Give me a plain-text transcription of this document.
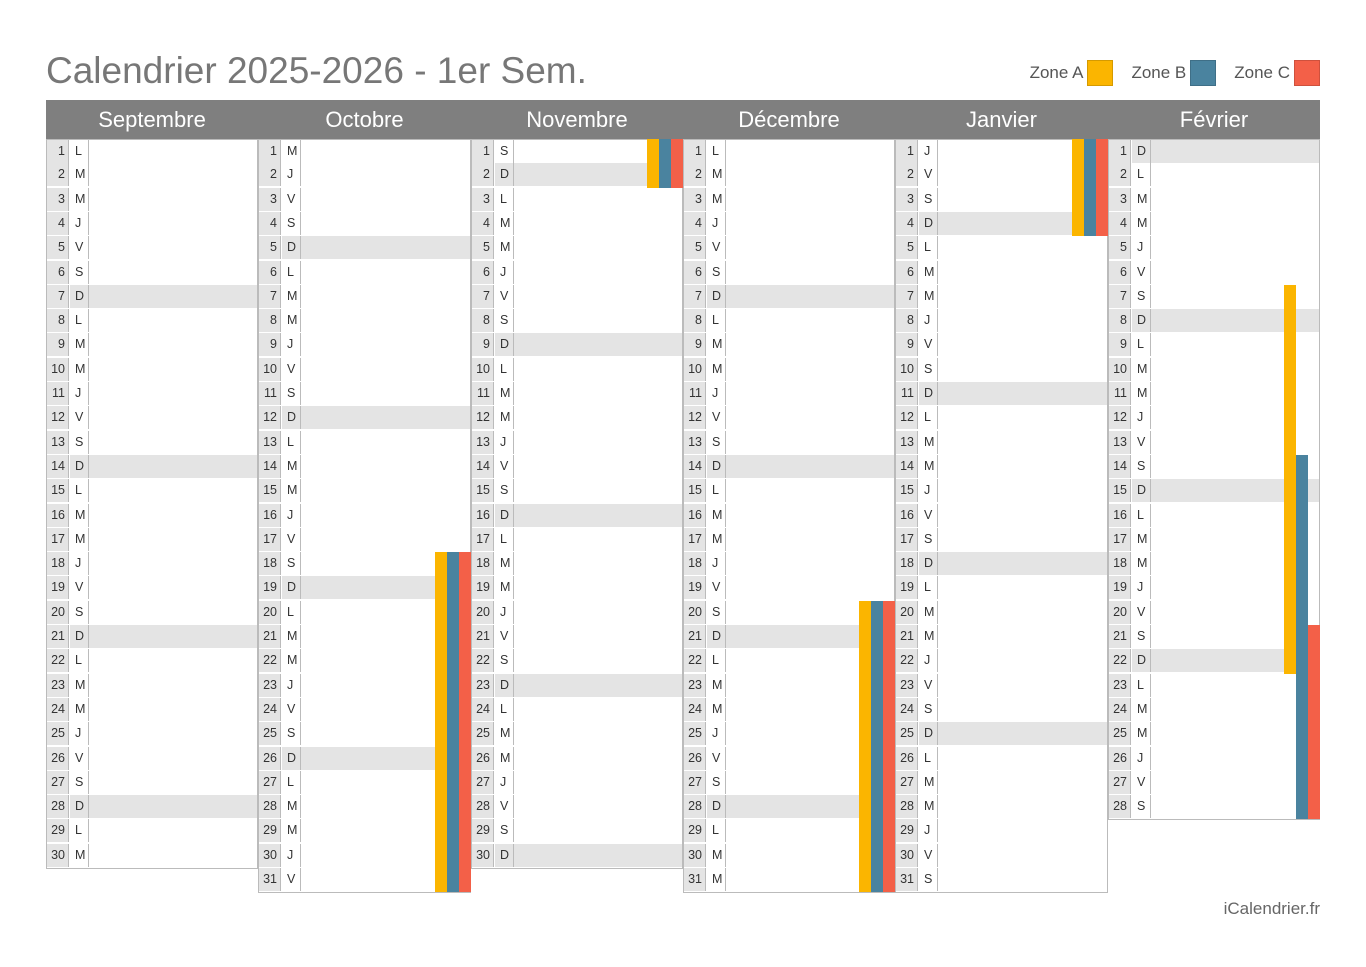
Calendrier 2025-2026 - 1er Sem.	Zone A	Zone B	Zone C
Septembre
1 L
2 M
3 M
4 J
5 V
6 S
7 D
8 L
9 M
10 M
11 J
12 V
13 S
14 D
15 L
16 M
17 M
18 J
19 V
20 S
21 D
22 L
23 M
24 M
25 J
26 V
27 S
28 D
29 L
30 M
Octobre
1 M
2 J
3 V
4 S
5 D
6 L
7 M
8 M
9 J
10 V
11 S
12 D
13 L
14 M
15 M
16 J
17 V
18 S
19 D
20 L
21 M
22 M
23 J
24 V
25 S
26 D
27 L
28 M
29 M
30 J
31 V
Novembre
1 S
2 D
3 L
4 M
5 M
6 J
7 V
8 S
9 D
10 L
11 M
12 M
13 J
14 V
15 S
16 D
17 L
18 M
19 M
20 J
21 V
22 S
23 D
24 L
25 M
26 M
27 J
28 V
29 S
30 D
Décembre
1 L
2 M
3 M
4 J
5 V
6 S
7 D
8 L
9 M
10 M
11 J
12 V
13 S
14 D
15 L
16 M
17 M
18 J
19 V
20 S
21 D
22 L
23 M
24 M
25 J
26 V
27 S
28 D
29 L
30 M
31 M
Janvier
1 J
2 V
3 S
4 D
5 L
6 M
7 M
8 J
9 V
10 S
11 D
12 L
13 M
14 M
15 J
16 V
17 S
18 D
19 L
20 M
21 M
22 J
23 V
24 S
25 D
26 L
27 M
28 M
29 J
30 V
31 S
Février
1 D
2 L
3 M
4 M
5 J
6 V
7 S
8 D
9 L
10 M
11 M
12 J
13 V
14 S
15 D
16 L
17 M
18 M
19 J
20 V
21 S
22 D
23 L
24 M
25 M
26 J
27 V
28 S
iCalendrier.fr
